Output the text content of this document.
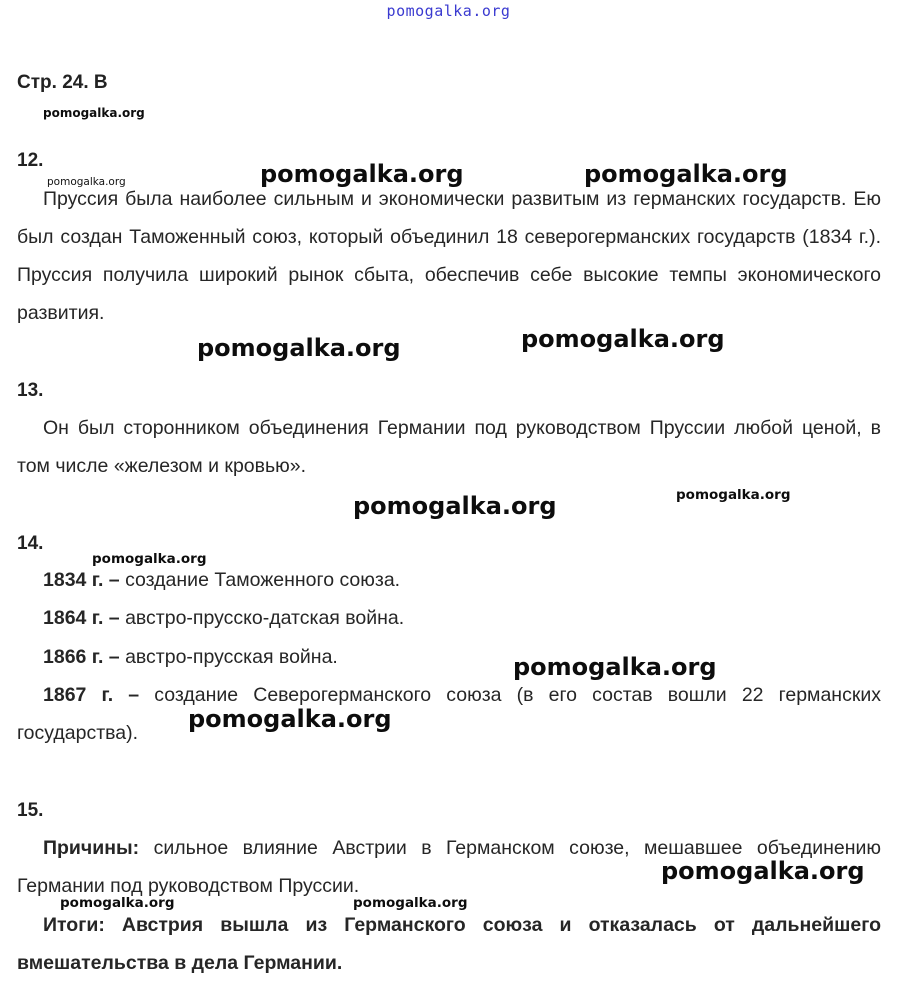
pomogalka.org
Стр. 24. В
12.

Пруссия была наиболее сильным и экономически развитым из германских государств. Ею был создан Таможенный союз, который объединил 18 северогерманских государств (1834 г.). Пруссия получила широкий рынок сбыта, обеспечив себе высокие темпы экономического развития.

13.

Он был сторонником объединения Германии под руководством Пруссии любой ценой, в том числе «железом и кровью».

14.
1834 г. – создание Таможенного союза.
1864 г. – австро-прусско-датская война.
1866 г. – австро-прусская война.

1867 г. – создание Северогерманского союза (в его состав вошли 22 германских государства).

15.

Причины: сильное влияние Австрии в Германском союзе, мешавшее объединению Германии под руководством Пруссии.

Итоги: Австрия вышла из Германского союза и отказалась от дальнейшего вмешательства в дела Германии.

pomogalka.org
pomogalka.org	pomogalka.org	pomogalka.org
pomogalka.org	pomogalka.org
pomogalka.org
pomogalka.org
pomogalka.org
pomogalka.org
pomogalka.org
pomogalka.org
pomogalka.org	pomogalka.org
